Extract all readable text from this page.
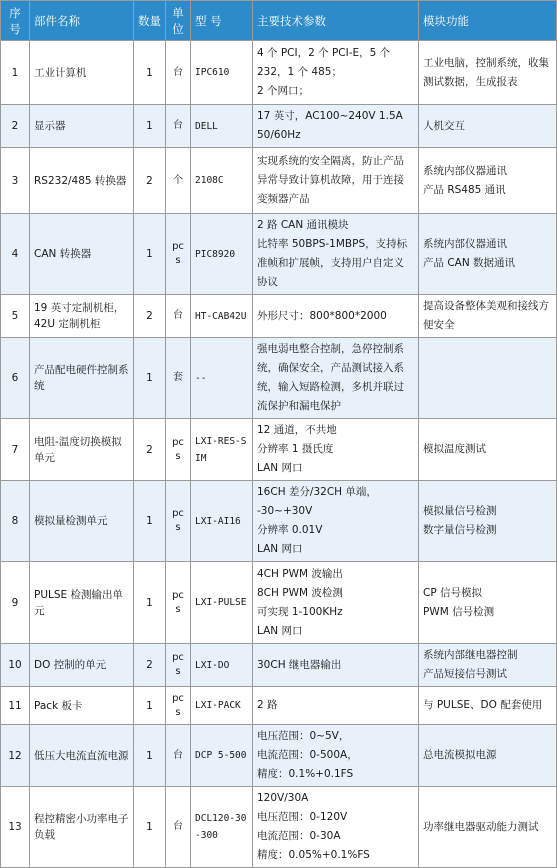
序号	部件名称	数量	单位	型 号	主要技术参数	模块功能
1	工业计算机	1	台	IPC610	4 个 PCI，2 个 PCI-E，5 个 232，1 个 485；
2 个网口；	工业电脑，控制系统，收集测试数据，生成报表

2	显示器	1	台	DELL	17 英寸，AC100~240V 1.5A 50/60Hz	人机交互

3	RS232/485 转换器	2	个	2108C	实现系统的安全隔离，防止产品异常导致计算机故障，用于连接变频器产品	系统内部仪器通讯
产品 RS485 通讯

4	CAN 转换器	1	pcs	PIC8920	2 路 CAN 通讯模块
比特率 50BPS-1MBPS，支持标准帧和扩展帧，支持用户自定义协议	系统内部仪器通讯
产品 CAN 数据通讯

5	19 英寸定制机柜，42U 定制机柜	2	台	HT-CAB42U	外形尺寸：800*800*2000	提高设备整体美观和接线方便安全

6	产品配电硬件控制系统	1	套	--	强电弱电整合控制，急停控制系统，确保安全，产品测试接入系统，输入短路检测，多机并联过流保护和漏电保护	

7	电阻-温度切换模拟单元	2	pcs	LXI-RES-SIM	12 通道，不共地
分辨率 1 摄氏度
LAN 网口	模拟温度测试

8	模拟量检测单元	1	pcs	LXI-AI16	16CH 差分/32CH 单端，
-30~+30V
分辨率 0.01V
LAN 网口	模拟量信号检测
数字量信号检测

9	PULSE 检测输出单元	1	pcs	LXI-PULSE	4CH PWM 波输出
8CH PWM 波检测
可实现 1-100KHz
LAN 网口	CP 信号模拟
PWM 信号检测

10	DO 控制的单元	2	pcs	LXI-DO	30CH 继电器输出	系统内部继电器控制
产品短接信号测试

11	Pack 板卡	1	pcs	LXI-PACK	2 路	与 PULSE、DO 配套使用

12	低压大电流直流电源	1	台	DCP 5-500	电压范围：0~5V，
电流范围：0-500A，
精度：0.1%+0.1FS	总电流模拟电源

13	程控精密小功率电子负载	1	台	DCL120-30-300	120V/30A
电压范围：0-120V
电流范围：0-30A
精度：0.05%+0.1%FS	功率继电器驱动能力测试
